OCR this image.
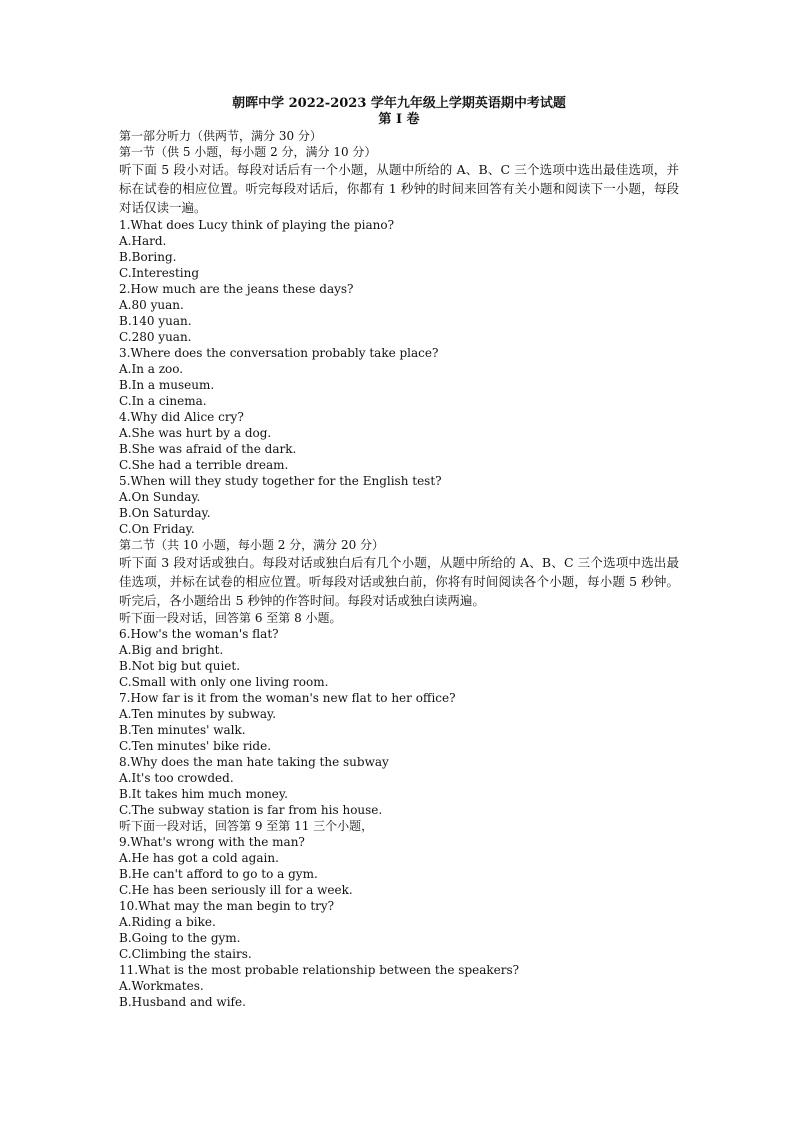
朝晖中学 2022-2023 学年九年级上学期英语期中考试题

第 I 卷

第一部分听力（供两节，满分 30 分）

第一节（供 5 小题，每小题 2 分，满分 10 分）

听下面 5 段小对话。每段对话后有一个小题，从题中所给的 A、B、C 三个选项中选出最佳选项，并标在试卷的相应位置。听完每段对话后，你都有 1 秒钟的时间来回答有关小题和阅读下一小题，每段对话仅读一遍。

1.What does Lucy think of playing the piano?

A.Hard.

B.Boring.

C.Interesting

2.How much are the jeans these days?

A.80 yuan.

B.140 yuan.

C.280 yuan.

3.Where does the conversation probably take place?

A.In a zoo.

B.In a museum.

C.In a cinema.

4.Why did Alice cry?

A.She was hurt by a dog.

B.She was afraid of the dark.

C.She had a terrible dream.

5.When will they study together for the English test?

A.On Sunday.

B.On Saturday.

C.On Friday.

第二节（共 10 小题，每小题 2 分，满分 20 分）

听下面 3 段对话或独白。每段对话或独白后有几个小题，从题中所给的 A、B、C 三个选项中选出最佳选项，并标在试卷的相应位置。听每段对话或独白前，你将有时间阅读各个小题，每小题 5 秒钟。听完后，各小题给出 5 秒钟的作答时间。每段对话或独白读两遍。

听下面一段对话，回答第 6 至第 8 小题。

6.How's the woman's flat?

A.Big and bright.

B.Not big but quiet.

C.Small with only one living room.

7.How far is it from the woman's new flat to her office?

A.Ten minutes by subway.

B.Ten minutes' walk.

C.Ten minutes' bike ride.

8.Why does the man hate taking the subway

A.It's too crowded.

B.It takes him much money.

C.The subway station is far from his house.

听下面一段对话，回答第 9 至第 11 三个小题，

9.What's wrong with the man?

A.He has got a cold again.

B.He can't afford to go to a gym.

C.He has been seriously ill for a week.

10.What may the man begin to try?

A.Riding a bike.

B.Going to the gym.

C.Climbing the stairs.

11.What is the most probable relationship between the speakers?

A.Workmates.

B.Husband and wife.
